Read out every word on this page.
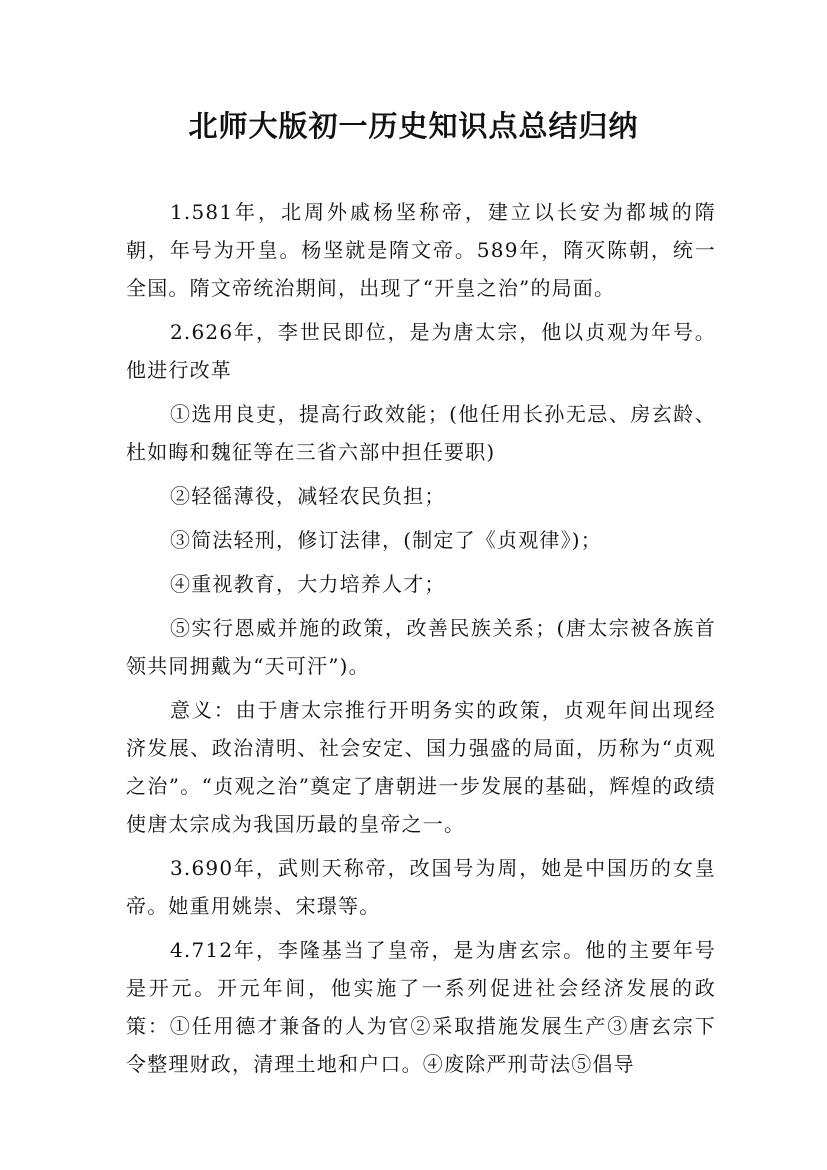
北师大版初一历史知识点总结归纳

1.581年，北周外戚杨坚称帝，建立以长安为都城的隋朝，年号为开皇。杨坚就是隋文帝。589年，隋灭陈朝，统一全国。隋文帝统治期间，出现了“开皇之治”的局面。

2.626年，李世民即位，是为唐太宗，他以贞观为年号。他进行改革

①选用良吏，提高行政效能；(他任用长孙无忌、房玄龄、杜如晦和魏征等在三省六部中担任要职)

②轻徭薄役，减轻农民负担；

③简法轻刑，修订法律，(制定了《贞观律》)；

④重视教育，大力培养人才；

⑤实行恩威并施的政策，改善民族关系；(唐太宗被各族首领共同拥戴为“天可汗”)。

意义：由于唐太宗推行开明务实的政策，贞观年间出现经济发展、政治清明、社会安定、国力强盛的局面，历称为“贞观之治”。“贞观之治”奠定了唐朝进一步发展的基础，辉煌的政绩使唐太宗成为我国历最的皇帝之一。

3.690年，武则天称帝，改国号为周，她是中国历的女皇帝。她重用姚崇、宋璟等。

4.712年，李隆基当了皇帝，是为唐玄宗。他的主要年号是开元。开元年间，他实施了一系列促进社会经济发展的政策：①任用德才兼备的人为官②采取措施发展生产③唐玄宗下令整理财政，清理土地和户口。④废除严刑苛法⑤倡导
